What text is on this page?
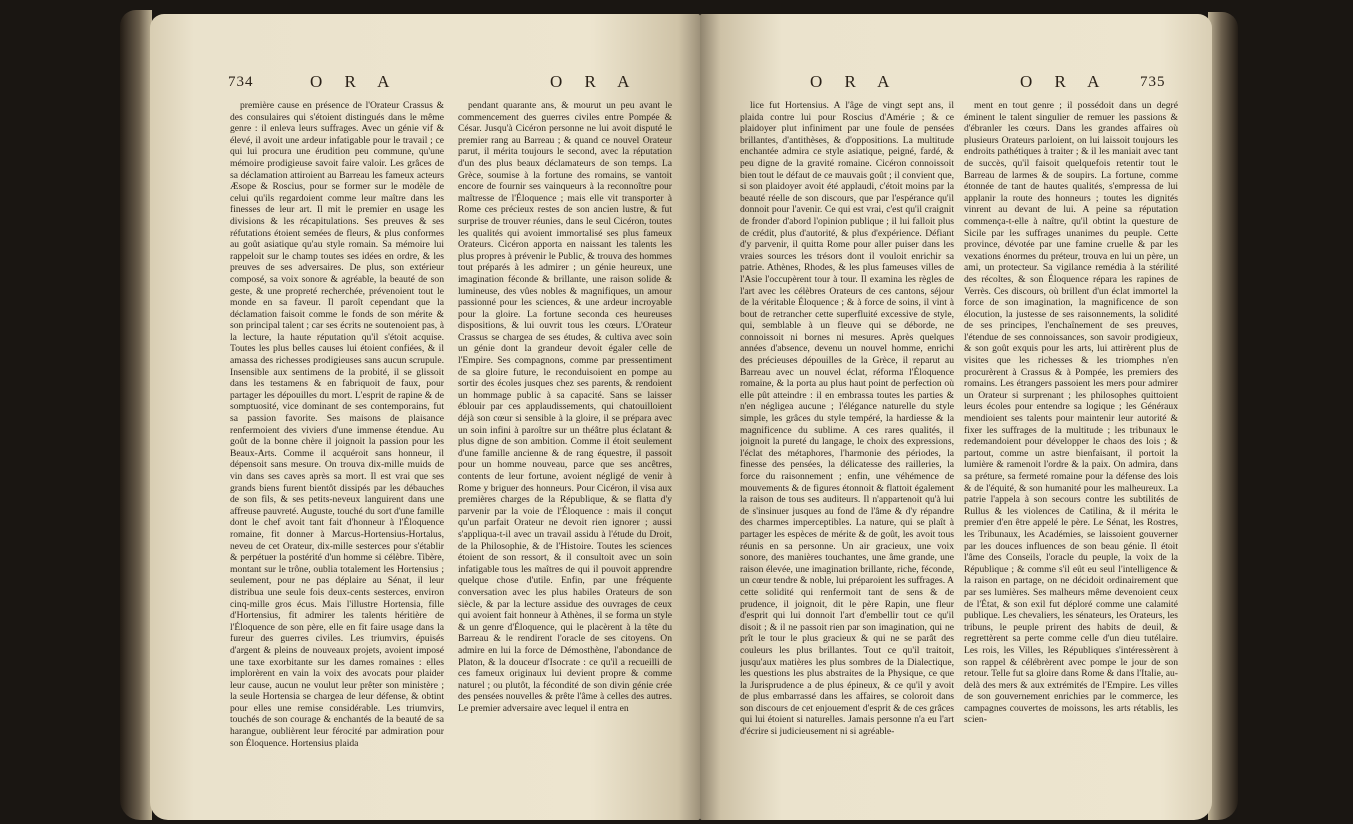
734	O R A	O R A

première cause en présence de l'Orateur Crassus & des consulaires qui s'étoient distingués dans le même genre : il enleva leurs suffrages. Avec un génie vif & élevé, il avoit une ardeur infatigable pour le travail ; ce qui lui procura une érudition peu commune, qu'une mémoire prodigieuse savoit faire valoir. Les grâces de sa déclamation attiroient au Barreau les fameux acteurs Æsope & Roscius, pour se former sur le modèle de celui qu'ils regardoient comme leur maître dans les finesses de leur art. Il mit le premier en usage les divisions & les récapitulations. Ses preuves & ses réfutations étoient semées de fleurs, & plus conformes au goût asiatique qu'au style romain. Sa mémoire lui rappeloit sur le champ toutes ses idées en ordre, & les preuves de ses adversaires. De plus, son extérieur composé, sa voix sonore & agréable, la beauté de son geste, & une propreté recherchée, prévenoient tout le monde en sa faveur. Il paroît cependant que la déclamation faisoit comme le fonds de son mérite & son principal talent ; car ses écrits ne soutenoient pas, à la lecture, la haute réputation qu'il s'étoit acquise. Toutes les plus belles causes lui étoient confiées, & il amassa des richesses prodigieuses sans aucun scrupule. Insensible aux sentimens de la probité, il se glissoit dans les testamens & en fabriquoit de faux, pour partager les dépouilles du mort. L'esprit de rapine & de somptuosité, vice dominant de ses contemporains, fut sa passion favorite. Ses maisons de plaisance renfermoient des viviers d'une immense étendue. Au goût de la bonne chère il joignoit la passion pour les Beaux-Arts. Comme il acquéroit sans honneur, il dépensoit sans mesure. On trouva dix-mille muids de vin dans ses caves après sa mort. Il est vrai que ses grands biens furent bientôt dissipés par les débauches de son fils, & ses petits-neveux languirent dans une affreuse pauvreté. Auguste, touché du sort d'une famille dont le chef avoit tant fait d'honneur à l'Éloquence romaine, fit donner à Marcus-Hortensius-Hortalus, neveu de cet Orateur, dix-mille sesterces pour s'établir & perpétuer la postérité d'un homme si célèbre. Tibère, montant sur le trône, oublia totalement les Hortensius ; seulement, pour ne pas déplaire au Sénat, il leur distribua une seule fois deux-cents sesterces, environ cinq-mille gros écus. Mais l'illustre Hortensia, fille d'Hortensius, fit admirer les talents héritière de l'Éloquence de son père, elle en fit faire usage dans la fureur des guerres civiles. Les triumvirs, épuisés d'argent & pleins de nouveaux projets, avoient imposé une taxe exorbitante sur les dames romaines : elles implorèrent en vain la voix des avocats pour plaider leur cause, aucun ne voulut leur prêter son ministère ; la seule Hortensia se chargea de leur défense, & obtint pour elles une remise considérable. Les triumvirs, touchés de son courage & enchantés de la beauté de sa harangue, oublièrent leur férocité par admiration pour son Éloquence. Hortensius plaida

pendant quarante ans, & mourut un peu avant le commencement des guerres civiles entre Pompée & César. Jusqu'à Cicéron personne ne lui avoit disputé le premier rang au Barreau ; & quand ce nouvel Orateur parut, il mérita toujours le second, avec la réputation d'un des plus beaux déclamateurs de son temps. La Grèce, soumise à la fortune des romains, se vantoit encore de fournir ses vainqueurs à la reconnoître pour maîtresse de l'Éloquence ; mais elle vit transporter à Rome ces précieux restes de son ancien lustre, & fut surprise de trouver réunies, dans le seul Cicéron, toutes les qualités qui avoient immortalisé ses plus fameux Orateurs. Cicéron apporta en naissant les talents les plus propres à prévenir le Public, & trouva des hommes tout préparés à les admirer ; un génie heureux, une imagination féconde & brillante, une raison solide & lumineuse, des vûes nobles & magnifiques, un amour passionné pour les sciences, & une ardeur incroyable pour la gloire. La fortune seconda ces heureuses dispositions, & lui ouvrit tous les cœurs. L'Orateur Crassus se chargea de ses études, & cultiva avec soin un génie dont la grandeur devoit égaler celle de l'Empire. Ses compagnons, comme par pressentiment de sa gloire future, le reconduisoient en pompe au sortir des écoles jusques chez ses parents, & rendoient un hommage public à sa capacité. Sans se laisser éblouir par ces applaudissements, qui chatouilloient déjà son cœur si sensible à la gloire, il se prépara avec un soin infini à paroître sur un théâtre plus éclatant & plus digne de son ambition. Comme il étoit seulement d'une famille ancienne & de rang équestre, il passoit pour un homme nouveau, parce que ses ancêtres, contents de leur fortune, avoient négligé de venir à Rome y briguer des honneurs. Pour Cicéron, il visa aux premières charges de la République, & se flatta d'y parvenir par la voie de l'Éloquence : mais il conçut qu'un parfait Orateur ne devoit rien ignorer ; aussi s'appliqua-t-il avec un travail assidu à l'étude du Droit, de la Philosophie, & de l'Histoire. Toutes les sciences étoient de son ressort, & il consultoit avec un soin infatigable tous les maîtres de qui il pouvoit apprendre quelque chose d'utile. Enfin, par une fréquente conversation avec les plus habiles Orateurs de son siècle, & par la lecture assidue des ouvrages de ceux qui avoient fait honneur à Athènes, il se forma un style & un genre d'Éloquence, qui le placèrent à la tête du Barreau & le rendirent l'oracle de ses citoyens. On admire en lui la force de Démosthène, l'abondance de Platon, & la douceur d'Isocrate : ce qu'il a recueilli de ces fameux originaux lui devient propre & comme naturel ; ou plutôt, la fécondité de son divin génie crée des pensées nouvelles & prête l'âme à celles des autres. Le premier adversaire avec lequel il entra en

O R A	O R A 735

lice fut Hortensius. A l'âge de vingt sept ans, il plaida contre lui pour Roscius d'Amérie ; & ce plaidoyer plut infiniment par une foule de pensées brillantes, d'antithèses, & d'oppositions. La multitude enchantée admira ce style asiatique, peigné, fardé, & peu digne de la gravité romaine. Cicéron connoissoit bien tout le défaut de ce mauvais goût ; il convient que, si son plaidoyer avoit été applaudi, c'étoit moins par la beauté réelle de son discours, que par l'espérance qu'il donnoit pour l'avenir. Ce qui est vrai, c'est qu'il craignit de fronder d'abord l'opinion publique ; il lui falloit plus de crédit, plus d'autorité, & plus d'expérience. Défiant d'y parvenir, il quitta Rome pour aller puiser dans les vraies sources les trésors dont il vouloit enrichir sa patrie. Athènes, Rhodes, & les plus fameuses villes de l'Asie l'occupèrent tour à tour. Il examina les règles de l'art avec les célèbres Orateurs de ces cantons, séjour de la véritable Éloquence ; & à force de soins, il vint à bout de retrancher cette superfluité excessive de style, qui, semblable à un fleuve qui se déborde, ne connoissoit ni bornes ni mesures. Après quelques années d'absence, devenu un nouvel homme, enrichi des précieuses dépouilles de la Grèce, il reparut au Barreau avec un nouvel éclat, réforma l'Éloquence romaine, & la porta au plus haut point de perfection où elle pût atteindre : il en embrassa toutes les parties & n'en négligea aucune ; l'élégance naturelle du style simple, les grâces du style tempéré, la hardiesse & la magnificence du sublime. A ces rares qualités, il joignoit la pureté du langage, le choix des expressions, l'éclat des métaphores, l'harmonie des périodes, la finesse des pensées, la délicatesse des railleries, la force du raisonnement ; enfin, une véhémence de mouvements & de figures étonnoit & flattoit également la raison de tous ses auditeurs. Il n'appartenoit qu'à lui de s'insinuer jusques au fond de l'âme & d'y répandre des charmes imperceptibles. La nature, qui se plaît à partager les espèces de mérite & de goût, les avoit tous réunis en sa personne. Un air gracieux, une voix sonore, des manières touchantes, une âme grande, une raison élevée, une imagination brillante, riche, féconde, un cœur tendre & noble, lui préparoient les suffrages. A cette solidité qui renfermoit tant de sens & de prudence, il joignoit, dit le père Rapin, une fleur d'esprit qui lui donnoit l'art d'embellir tout ce qu'il disoit ; & il ne passoit rien par son imagination, qui ne prît le tour le plus gracieux & qui ne se parât des couleurs les plus brillantes. Tout ce qu'il traitoit, jusqu'aux matières les plus sombres de la Dialectique, les questions les plus abstraites de la Physique, ce que la Jurisprudence a de plus épineux, & ce qu'il y avoit de plus embarrassé dans les affaires, se coloroit dans son discours de cet enjouement d'esprit & de ces grâces qui lui étoient si naturelles. Jamais personne n'a eu l'art d'écrire si judicieusement ni si agréable-

ment en tout genre ; il possédoit dans un degré éminent le talent singulier de remuer les passions & d'ébranler les cœurs. Dans les grandes affaires où plusieurs Orateurs parloient, on lui laissoit toujours les endroits pathétiques à traiter ; & il les maniait avec tant de succès, qu'il faisoit quelquefois retentir tout le Barreau de larmes & de soupirs. La fortune, comme étonnée de tant de hautes qualités, s'empressa de lui applanir la route des honneurs ; toutes les dignités vinrent au devant de lui. A peine sa réputation commença-t-elle à naître, qu'il obtint la questure de Sicile par les suffrages unanimes du peuple. Cette province, dévotée par une famine cruelle & par les vexations énormes du préteur, trouva en lui un père, un ami, un protecteur. Sa vigilance remédia à la stérilité des récoltes, & son Éloquence répara les rapines de Verrès. Ces discours, où brillent d'un éclat immortel la force de son imagination, la magnificence de son élocution, la justesse de ses raisonnements, la solidité de ses principes, l'enchaînement de ses preuves, l'étendue de ses connoissances, son savoir prodigieux, & son goût exquis pour les arts, lui attirèrent plus de visites que les richesses & les triomphes n'en procurèrent à Crassus & à Pompée, les premiers des romains. Les étrangers passoient les mers pour admirer un Orateur si surprenant ; les philosophes quittoient leurs écoles pour entendre sa logique ; les Généraux mendioient ses talents pour maintenir leur autorité & fixer les suffrages de la multitude ; les tribunaux le redemandoient pour développer le chaos des lois ; & partout, comme un astre bienfaisant, il portoit la lumière & ramenoit l'ordre & la paix. On admira, dans sa préture, sa fermeté romaine pour la défense des lois & de l'équité, & son humanité pour les malheureux. La patrie l'appela à son secours contre les subtilités de Rullus & les violences de Catilina, & il mérita le premier d'en être appelé le père. Le Sénat, les Rostres, les Tribunaux, les Académies, se laissoient gouverner par les douces influences de son beau génie. Il étoit l'âme des Conseils, l'oracle du peuple, la voix de la République ; & comme s'il eût eu seul l'intelligence & la raison en partage, on ne décidoit ordinairement que par ses lumières. Ses malheurs même devenoient ceux de l'État, & son exil fut déploré comme une calamité publique. Les chevaliers, les sénateurs, les Orateurs, les tribuns, le peuple prirent des habits de deuil, & regrettèrent sa perte comme celle d'un dieu tutélaire. Les rois, les Villes, les Républiques s'intéressèrent à son rappel & célébrèrent avec pompe le jour de son retour. Telle fut sa gloire dans Rome & dans l'Italie, au-delà des mers & aux extrémités de l'Empire. Les villes de son gouvernement enrichies par le commerce, les campagnes couvertes de moissons, les arts rétablis, les scien-
